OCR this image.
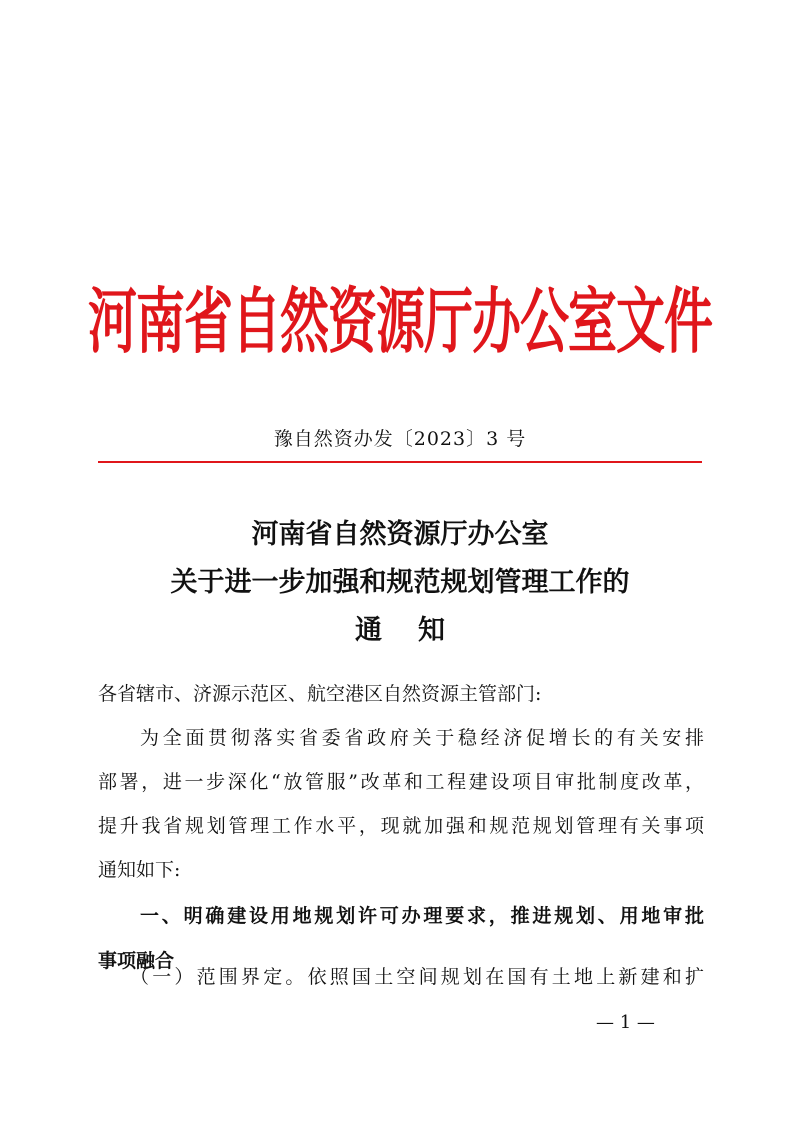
河南省自然资源厅办公室文件
豫自然资办发〔2023〕3 号
河南省自然资源厅办公室
关于进一步加强和规范规划管理工作的
通知
各省辖市、济源示范区、航空港区自然资源主管部门:
为全面贯彻落实省委省政府关于稳经济促增长的有关安排
部署，进一步深化“放管服”改革和工程建设项目审批制度改革，
提升我省规划管理工作水平，现就加强和规范规划管理有关事项
通知如下:
一、明确建设用地规划许可办理要求，推进规划、用地审批
事项融合
（一）范围界定。依照国土空间规划在国有土地上新建和扩
— 1 —
